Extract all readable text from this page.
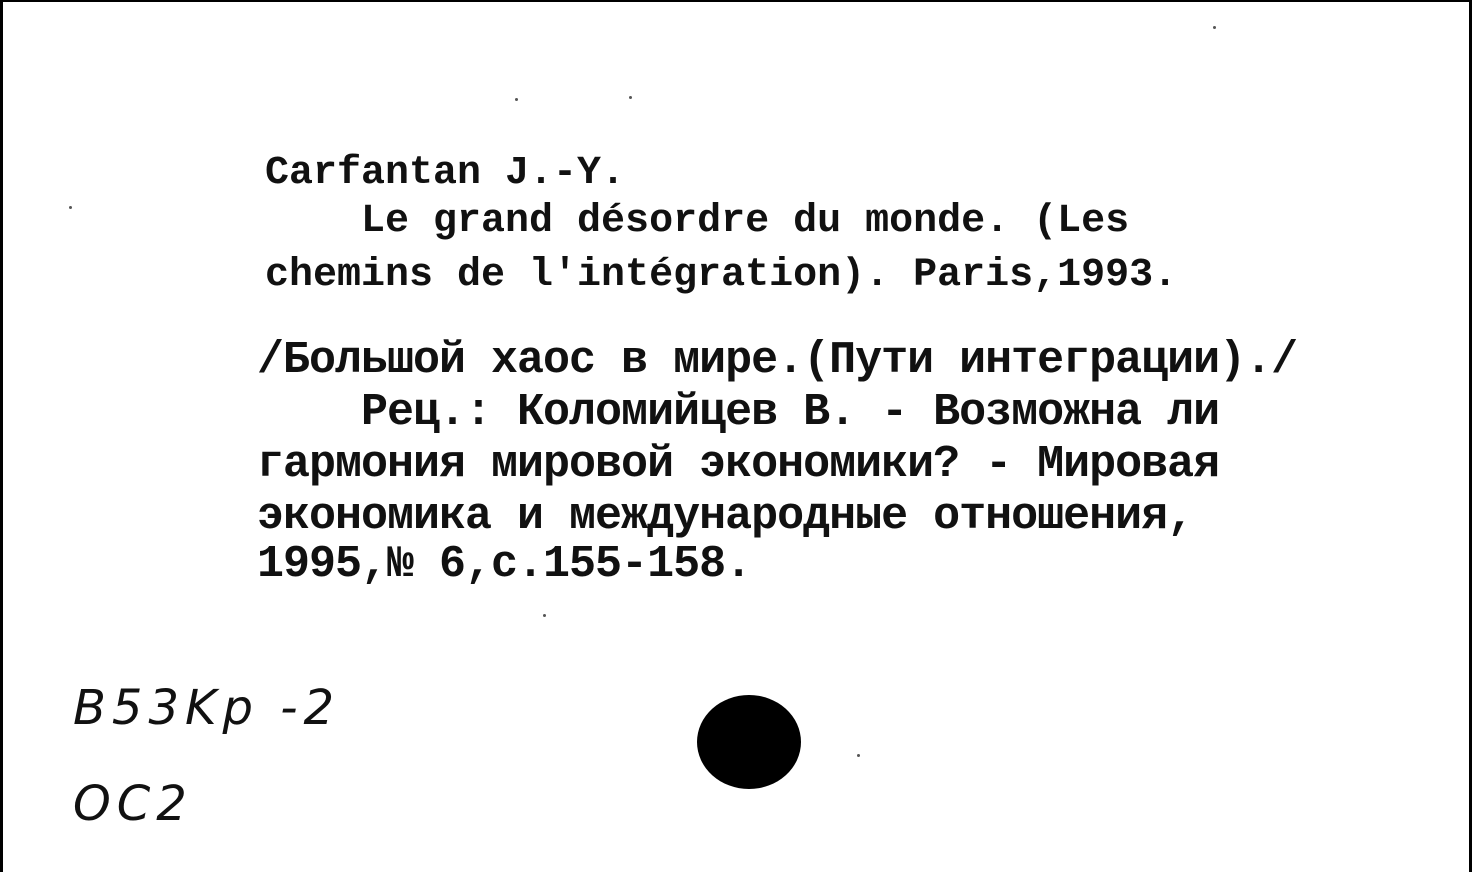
Carfantan J.-Y.
Le grand désordre du monde. (Les
chemins de l'intégration). Paris,1993.
/Большой хаос в мире.(Пути интеграции)./
Рец.: Коломийцев В. - Возможна ли
гармония мировой экономики? - Мировая
экономика и международные отношения,
1995,№ 6,с.155-158.
B53Kp -2
OC2
